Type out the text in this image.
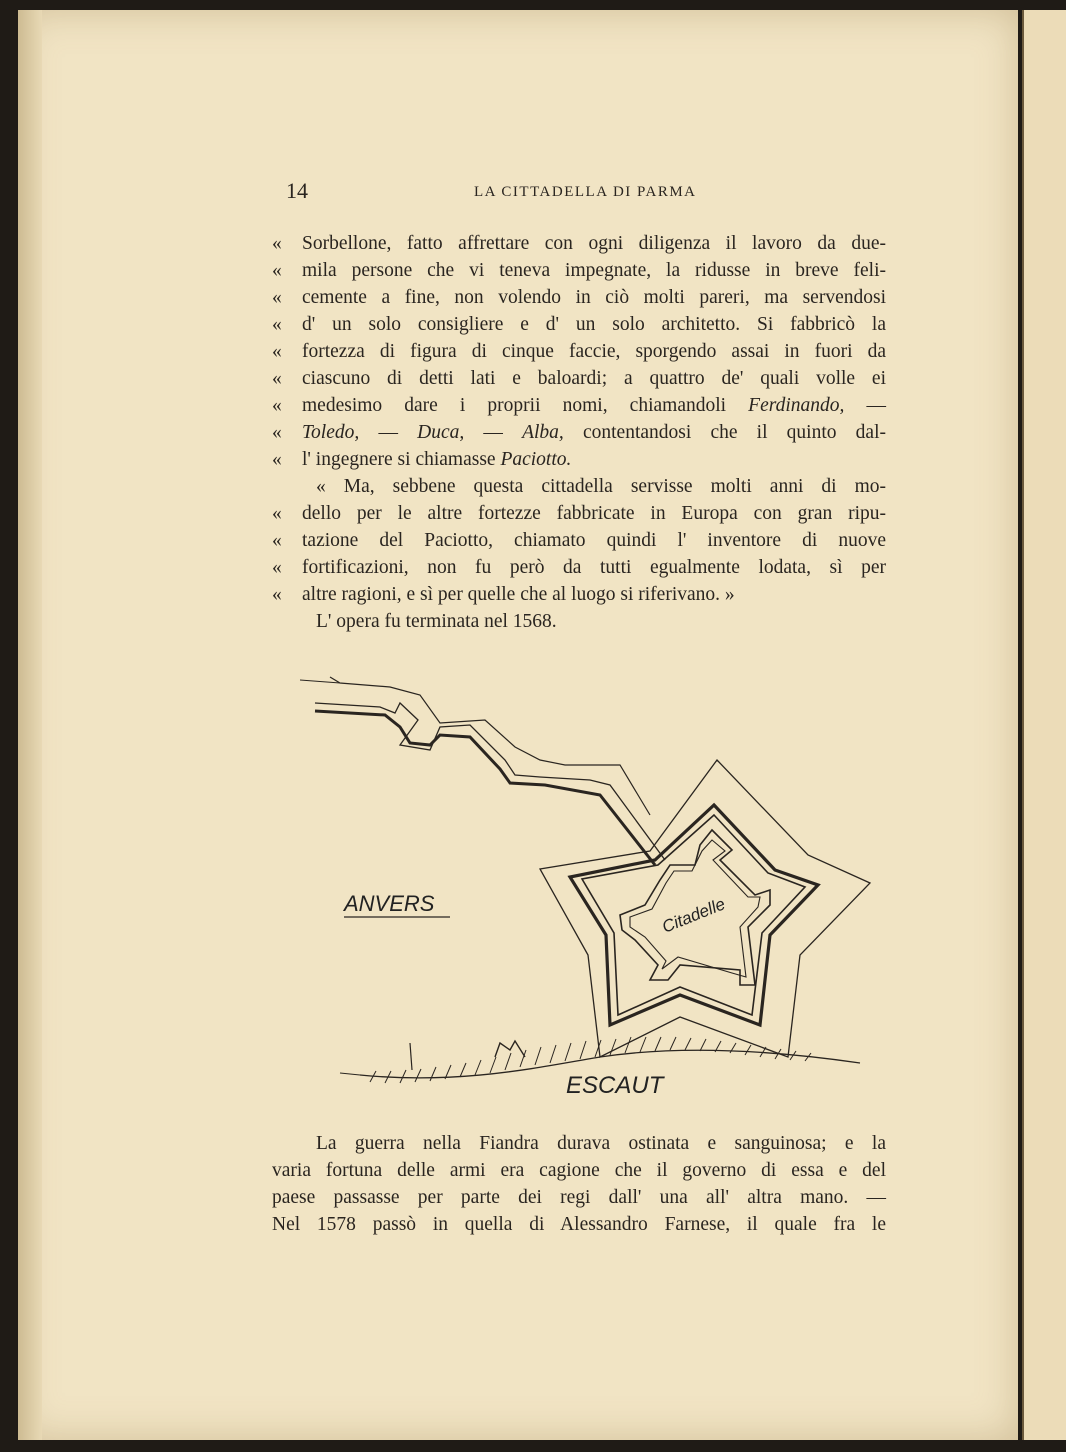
14	LA CITTADELLA DI PARMA
« Sorbellone, fatto affrettare con ogni diligenza il lavoro da due-
« mila persone che vi teneva impegnate, la ridusse in breve feli-
« cemente a fine, non volendo in ciò molti pareri, ma servendosi
« d' un solo consigliere e d' un solo architetto. Si fabbricò la
« fortezza di figura di cinque faccie, sporgendo assai in fuori da
« ciascuno di detti lati e baloardi; a quattro de' quali volle ei
« medesimo dare i proprii nomi, chiamandoli Ferdinando, —
« Toledo, — Duca, — Alba, contentandosi che il quinto dal-
« l' ingegnere si chiamasse Paciotto.
« Ma, sebbene questa cittadella servisse molti anni di mo-
« dello per le altre fortezze fabbricate in Europa con gran ripu-
« tazione del Paciotto, chiamato quindi l' inventore di nuove
« fortificazioni, non fu però da tutti egualmente lodata, sì per
« altre ragioni, e sì per quelle che al luogo si riferivano. »
L' opera fu terminata nel 1568.
ANVERS
ESCAUT
Citadelle
La guerra nella Fiandra durava ostinata e sanguinosa; e la
varia fortuna delle armi era cagione che il governo di essa e del
paese passasse per parte dei regi dall' una all' altra mano. —
Nel 1578 passò in quella di Alessandro Farnese, il quale fra le
